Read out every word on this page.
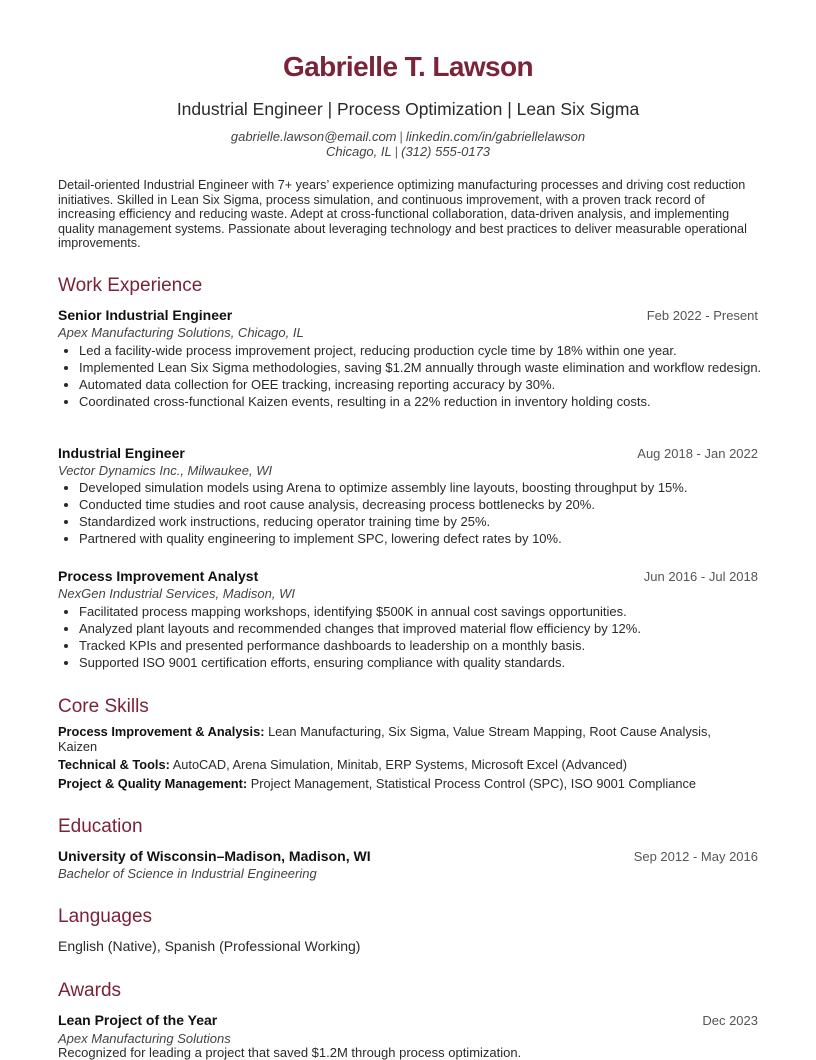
Gabrielle T. Lawson
Industrial Engineer | Process Optimization | Lean Six Sigma
gabrielle.lawson@email.com | linkedin.com/in/gabriellelawson
Chicago, IL | (312) 555-0173
Detail-oriented Industrial Engineer with 7+ years’ experience optimizing manufacturing processes and driving cost reduction initiatives. Skilled in Lean Six Sigma, process simulation, and continuous improvement, with a proven track record of increasing efficiency and reducing waste. Adept at cross-functional collaboration, data-driven analysis, and implementing quality management systems. Passionate about leveraging technology and best practices to deliver measurable operational improvements.
Work Experience
Senior Industrial Engineer	Feb 2022 - Present
Apex Manufacturing Solutions, Chicago, IL
• Led a facility-wide process improvement project, reducing production cycle time by 18% within one year.
• Implemented Lean Six Sigma methodologies, saving $1.2M annually through waste elimination and workflow redesign.
• Automated data collection for OEE tracking, increasing reporting accuracy by 30%.
• Coordinated cross-functional Kaizen events, resulting in a 22% reduction in inventory holding costs.
Industrial Engineer	Aug 2018 - Jan 2022
Vector Dynamics Inc., Milwaukee, WI
• Developed simulation models using Arena to optimize assembly line layouts, boosting throughput by 15%.
• Conducted time studies and root cause analysis, decreasing process bottlenecks by 20%.
• Standardized work instructions, reducing operator training time by 25%.
• Partnered with quality engineering to implement SPC, lowering defect rates by 10%.
Process Improvement Analyst	Jun 2016 - Jul 2018
NexGen Industrial Services, Madison, WI
• Facilitated process mapping workshops, identifying $500K in annual cost savings opportunities.
• Analyzed plant layouts and recommended changes that improved material flow efficiency by 12%.
• Tracked KPIs and presented performance dashboards to leadership on a monthly basis.
• Supported ISO 9001 certification efforts, ensuring compliance with quality standards.
Core Skills
Process Improvement & Analysis: Lean Manufacturing, Six Sigma, Value Stream Mapping, Root Cause Analysis, Kaizen
Technical & Tools: AutoCAD, Arena Simulation, Minitab, ERP Systems, Microsoft Excel (Advanced)
Project & Quality Management: Project Management, Statistical Process Control (SPC), ISO 9001 Compliance
Education
University of Wisconsin–Madison, Madison, WI	Sep 2012 - May 2016
Bachelor of Science in Industrial Engineering
Languages
English (Native), Spanish (Professional Working)
Awards
Lean Project of the Year	Dec 2023
Apex Manufacturing Solutions
Recognized for leading a project that saved $1.2M through process optimization.
